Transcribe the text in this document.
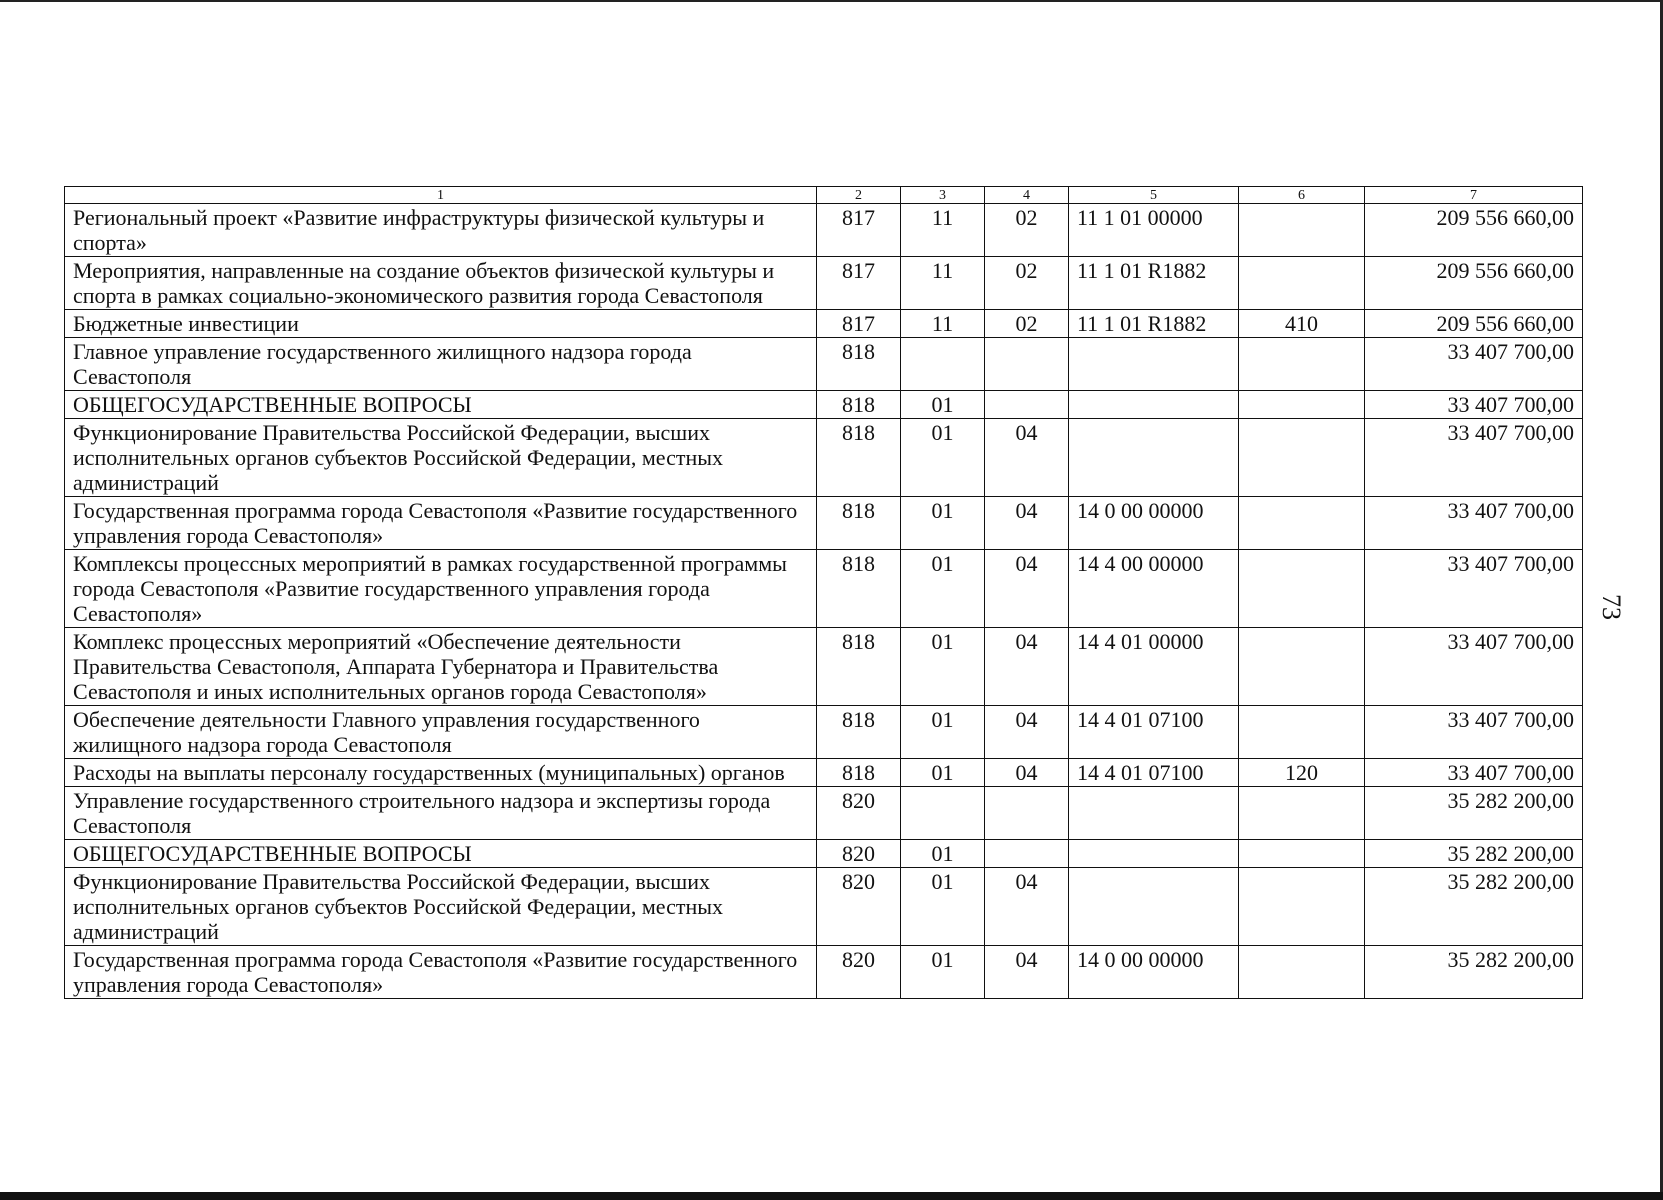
73
1	2	3	4	5	6	7
Региональный проект «Развитие инфраструктуры физической культуры и спорта»	817	11	02	11 1 01 00000		209 556 660,00
Мероприятия, направленные на создание объектов физической культуры и спорта в рамках социально-экономического развития города Севастополя	817	11	02	11 1 01 R1882		209 556 660,00
Бюджетные инвестиции	817	11	02	11 1 01 R1882	410	209 556 660,00
Главное управление государственного жилищного надзора города Севастополя	818					33 407 700,00
ОБЩЕГОСУДАРСТВЕННЫЕ ВОПРОСЫ	818	01				33 407 700,00
Функционирование Правительства Российской Федерации, высших исполнительных органов субъектов Российской Федерации, местных администраций	818	01	04			33 407 700,00
Государственная программа города Севастополя «Развитие государственного управления города Севастополя»	818	01	04	14 0 00 00000		33 407 700,00
Комплексы процессных мероприятий в рамках государственной программы города Севастополя «Развитие государственного управления города Севастополя»	818	01	04	14 4 00 00000		33 407 700,00
Комплекс процессных мероприятий «Обеспечение деятельности Правительства Севастополя, Аппарата Губернатора и Правительства Севастополя и иных исполнительных органов города Севастополя»	818	01	04	14 4 01 00000		33 407 700,00
Обеспечение деятельности Главного управления государственного жилищного надзора города Севастополя	818	01	04	14 4 01 07100		33 407 700,00
Расходы на выплаты персоналу государственных (муниципальных) органов	818	01	04	14 4 01 07100	120	33 407 700,00
Управление государственного строительного надзора и экспертизы города Севастополя	820					35 282 200,00
ОБЩЕГОСУДАРСТВЕННЫЕ ВОПРОСЫ	820	01				35 282 200,00
Функционирование Правительства Российской Федерации, высших исполнительных органов субъектов Российской Федерации, местных администраций	820	01	04			35 282 200,00
Государственная программа города Севастополя «Развитие государственного управления города Севастополя»	820	01	04	14 0 00 00000		35 282 200,00
